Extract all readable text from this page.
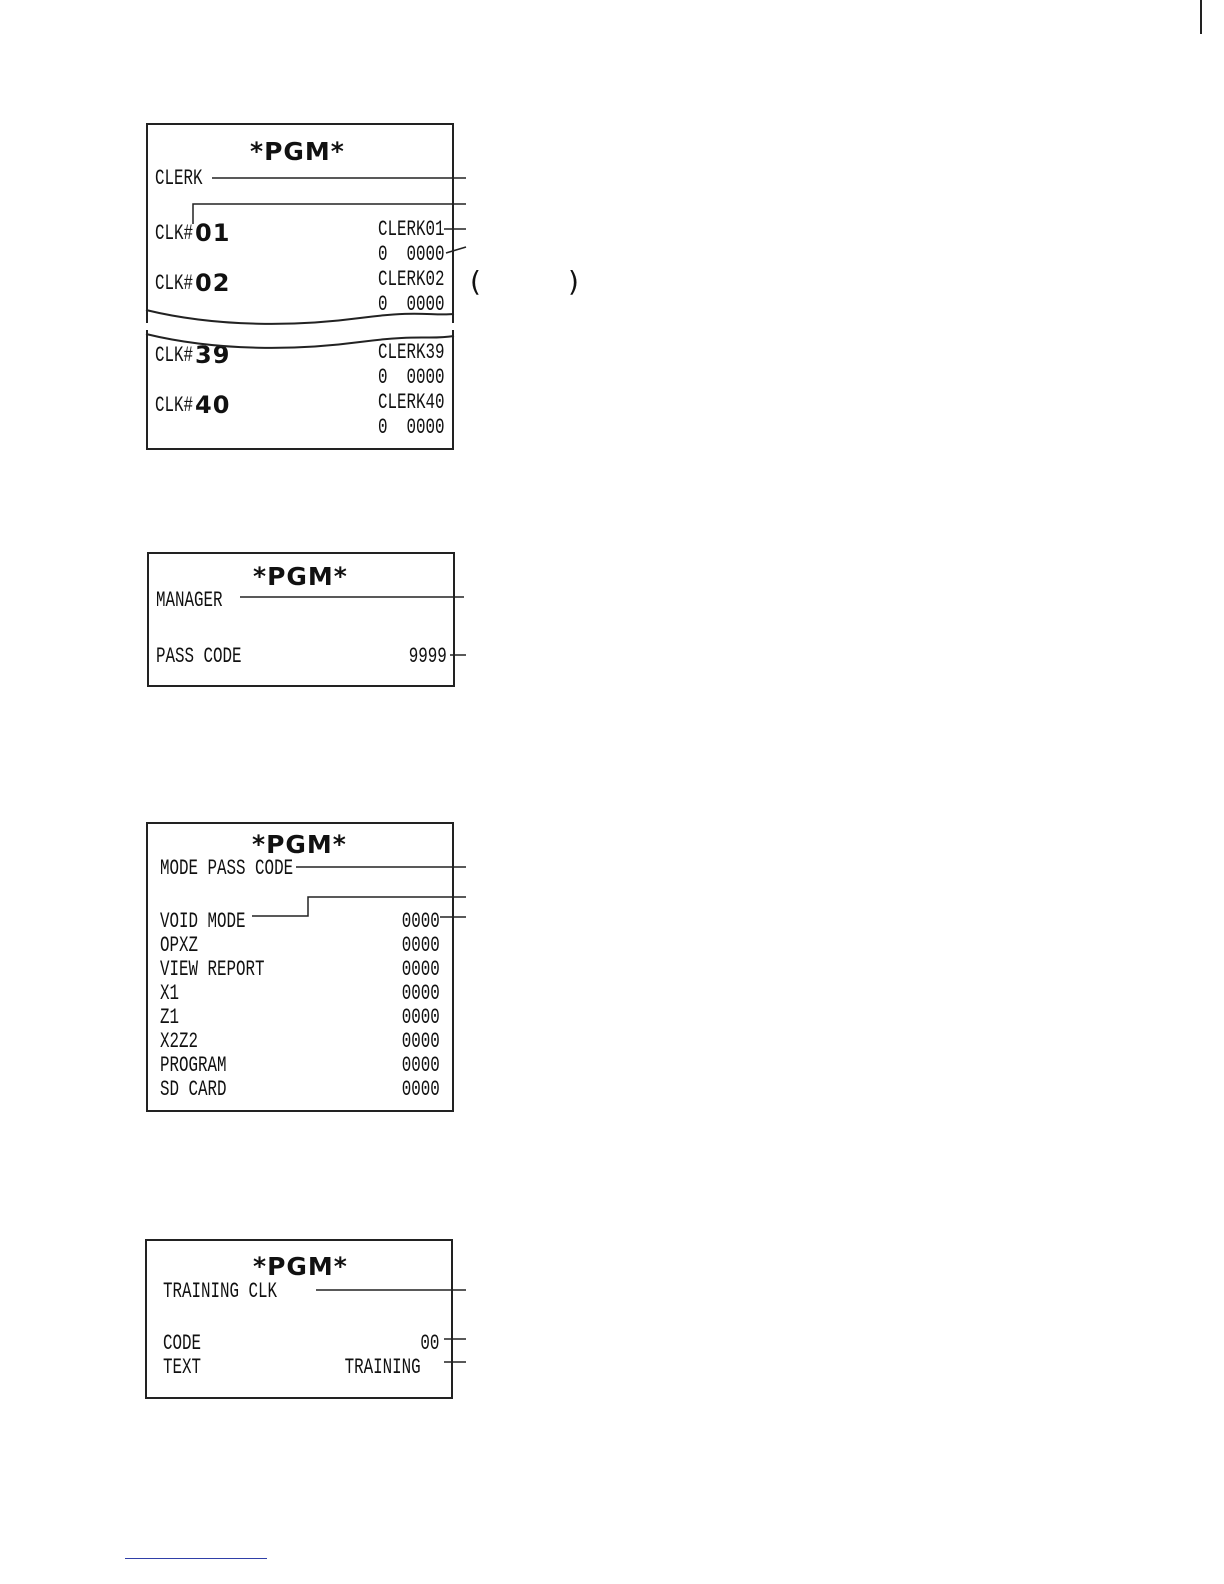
*PGM*
CLERK
CLK# 01	CLERK01
0  0000
CLK# 02	CLERK02
0  0000
CLK# 39	CLERK39
0  0000
CLK# 40	CLERK40
0  0000
(	)
*PGM*
MANAGER
PASS CODE	9999
*PGM*
MODE PASS CODE
VOID MODE	0000
OPXZ	0000
VIEW REPORT	0000
X1	0000
Z1	0000
X2Z2	0000
PROGRAM	0000
SD CARD	0000
*PGM*
TRAINING CLK
CODE	00
TEXT	TRAINING
